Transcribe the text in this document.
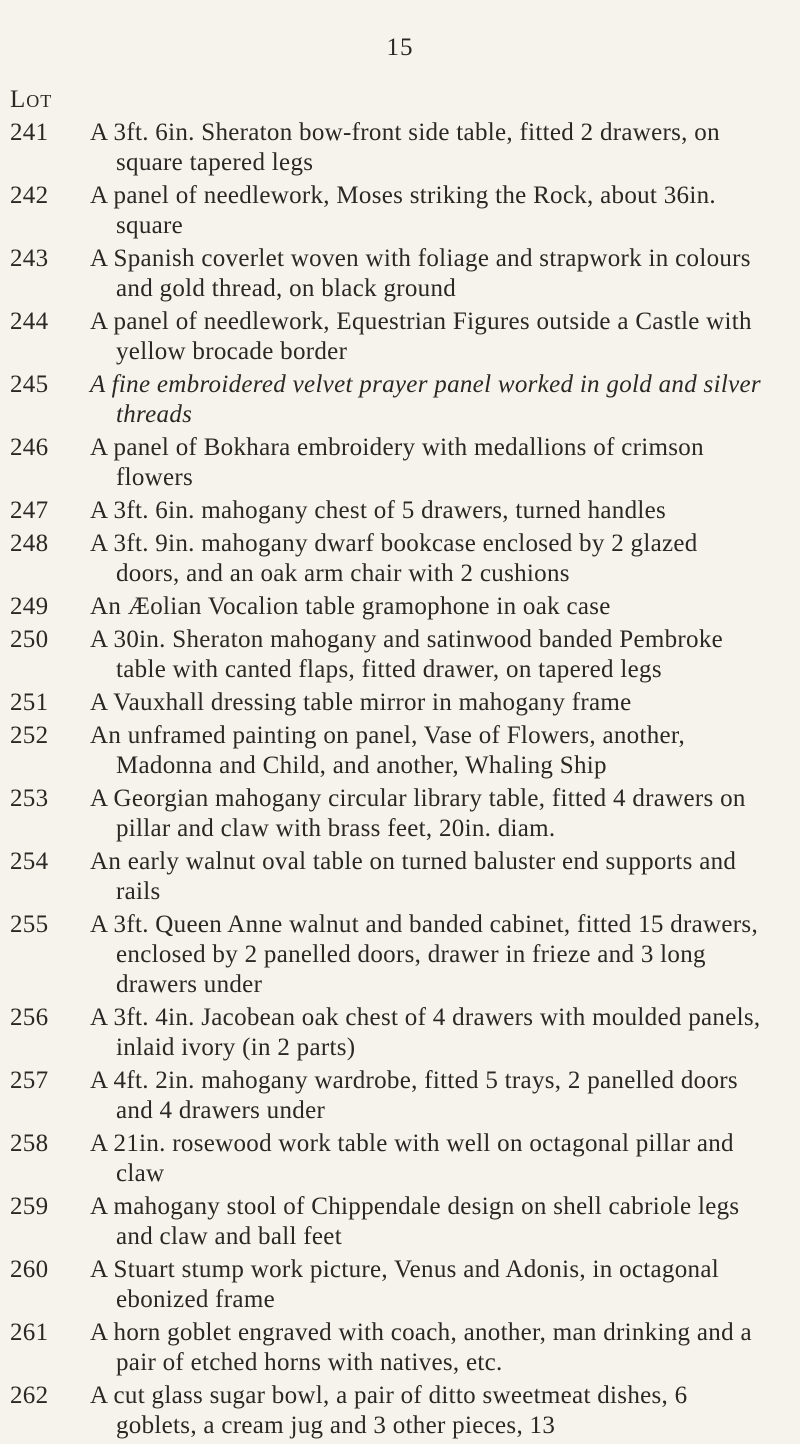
15
Lot
241	A 3ft. 6in. Sheraton bow-front side table, fitted 2 drawers, on square tapered legs
242	A panel of needlework, Moses striking the Rock, about 36in. square
243	A Spanish coverlet woven with foliage and strapwork in colours and gold thread, on black ground
244	A panel of needlework, Equestrian Figures outside a Castle with yellow brocade border
245	A fine embroidered velvet prayer panel worked in gold and silver threads
246	A panel of Bokhara embroidery with medallions of crimson flowers
247	A 3ft. 6in. mahogany chest of 5 drawers, turned handles
248	A 3ft. 9in. mahogany dwarf bookcase enclosed by 2 glazed doors, and an oak arm chair with 2 cushions
249	An Æolian Vocalion table gramophone in oak case
250	A 30in. Sheraton mahogany and satinwood banded Pembroke table with canted flaps, fitted drawer, on tapered legs
251	A Vauxhall dressing table mirror in mahogany frame
252	An unframed painting on panel, Vase of Flowers, another, Madonna and Child, and another, Whaling Ship
253	A Georgian mahogany circular library table, fitted 4 drawers on pillar and claw with brass feet, 20in. diam.
254	An early walnut oval table on turned baluster end supports and rails
255	A 3ft. Queen Anne walnut and banded cabinet, fitted 15 drawers, enclosed by 2 panelled doors, drawer in frieze and 3 long drawers under
256	A 3ft. 4in. Jacobean oak chest of 4 drawers with moulded panels, inlaid ivory (in 2 parts)
257	A 4ft. 2in. mahogany wardrobe, fitted 5 trays, 2 panelled doors and 4 drawers under
258	A 21in. rosewood work table with well on octagonal pillar and claw
259	A mahogany stool of Chippendale design on shell cabriole legs and claw and ball feet
260	A Stuart stump work picture, Venus and Adonis, in octagonal ebonized frame
261	A horn goblet engraved with coach, another, man drinking and a pair of etched horns with natives, etc.
262	A cut glass sugar bowl, a pair of ditto sweetmeat dishes, 6 goblets, a cream jug and 3 other pieces, 13
